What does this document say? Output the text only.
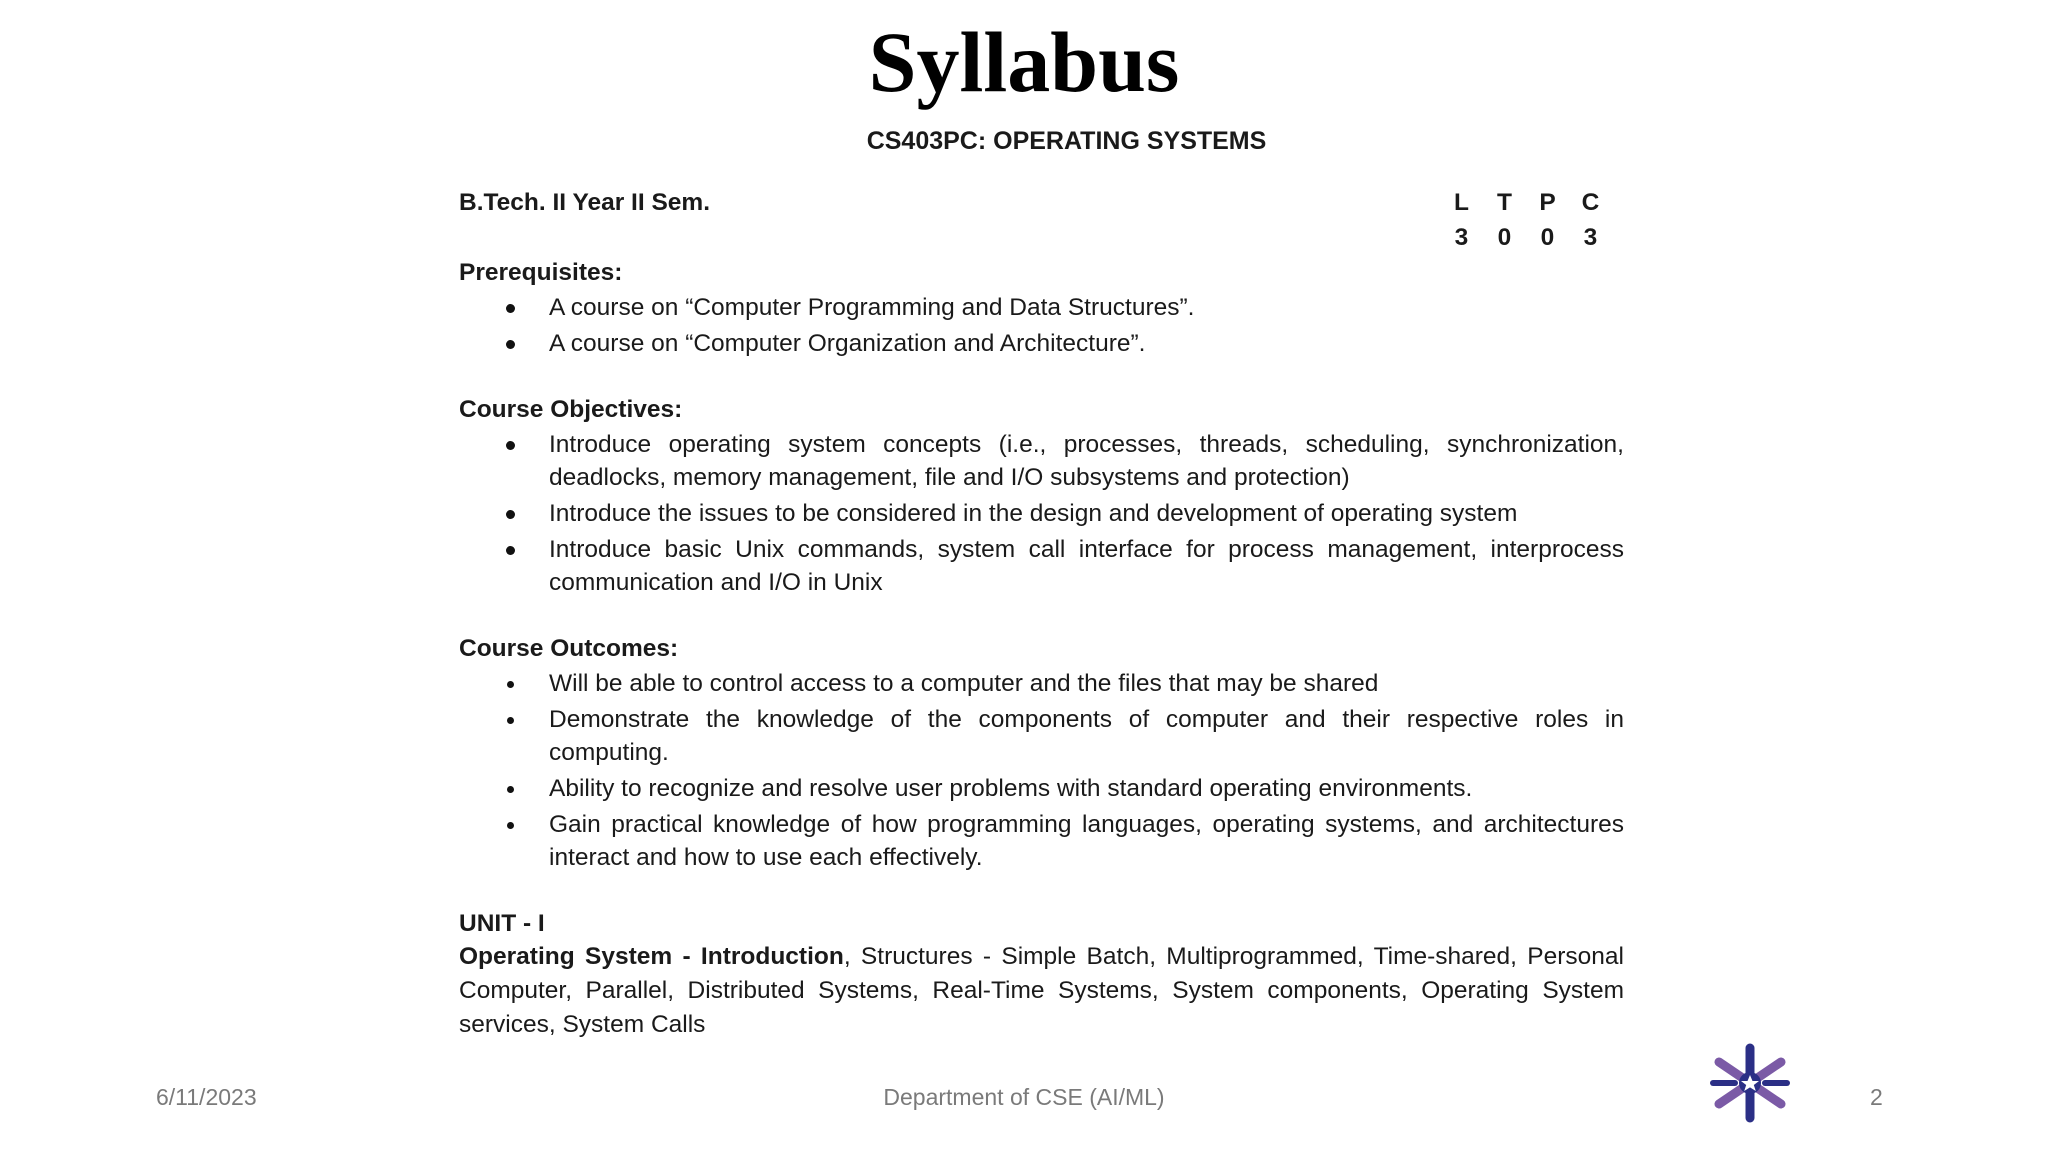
Syllabus
CS403PC: OPERATING SYSTEMS
B.Tech. II Year II Sem.	L	T	P	C
3	0	0	3
Prerequisites:
A course on “Computer Programming and Data Structures”.
A course on “Computer Organization and Architecture”.
Course Objectives:
Introduce operating system concepts (i.e., processes, threads, scheduling, synchronization, deadlocks, memory management, file and I/O subsystems and protection)
Introduce the issues to be considered in the design and development of operating system
Introduce basic Unix commands, system call interface for process management, interprocess communication and I/O in Unix
Course Outcomes:
Will be able to control access to a computer and the files that may be shared
Demonstrate the knowledge of the components of computer and their respective roles in computing.
Ability to recognize and resolve user problems with standard operating environments.
Gain practical knowledge of how programming languages, operating systems, and architectures interact and how to use each effectively.
UNIT - I
Operating System - Introduction, Structures - Simple Batch, Multiprogrammed, Time-shared, Personal Computer, Parallel, Distributed Systems, Real-Time Systems, System components, Operating System services, System Calls
6/11/2023	Department of CSE (AI/ML)	2
